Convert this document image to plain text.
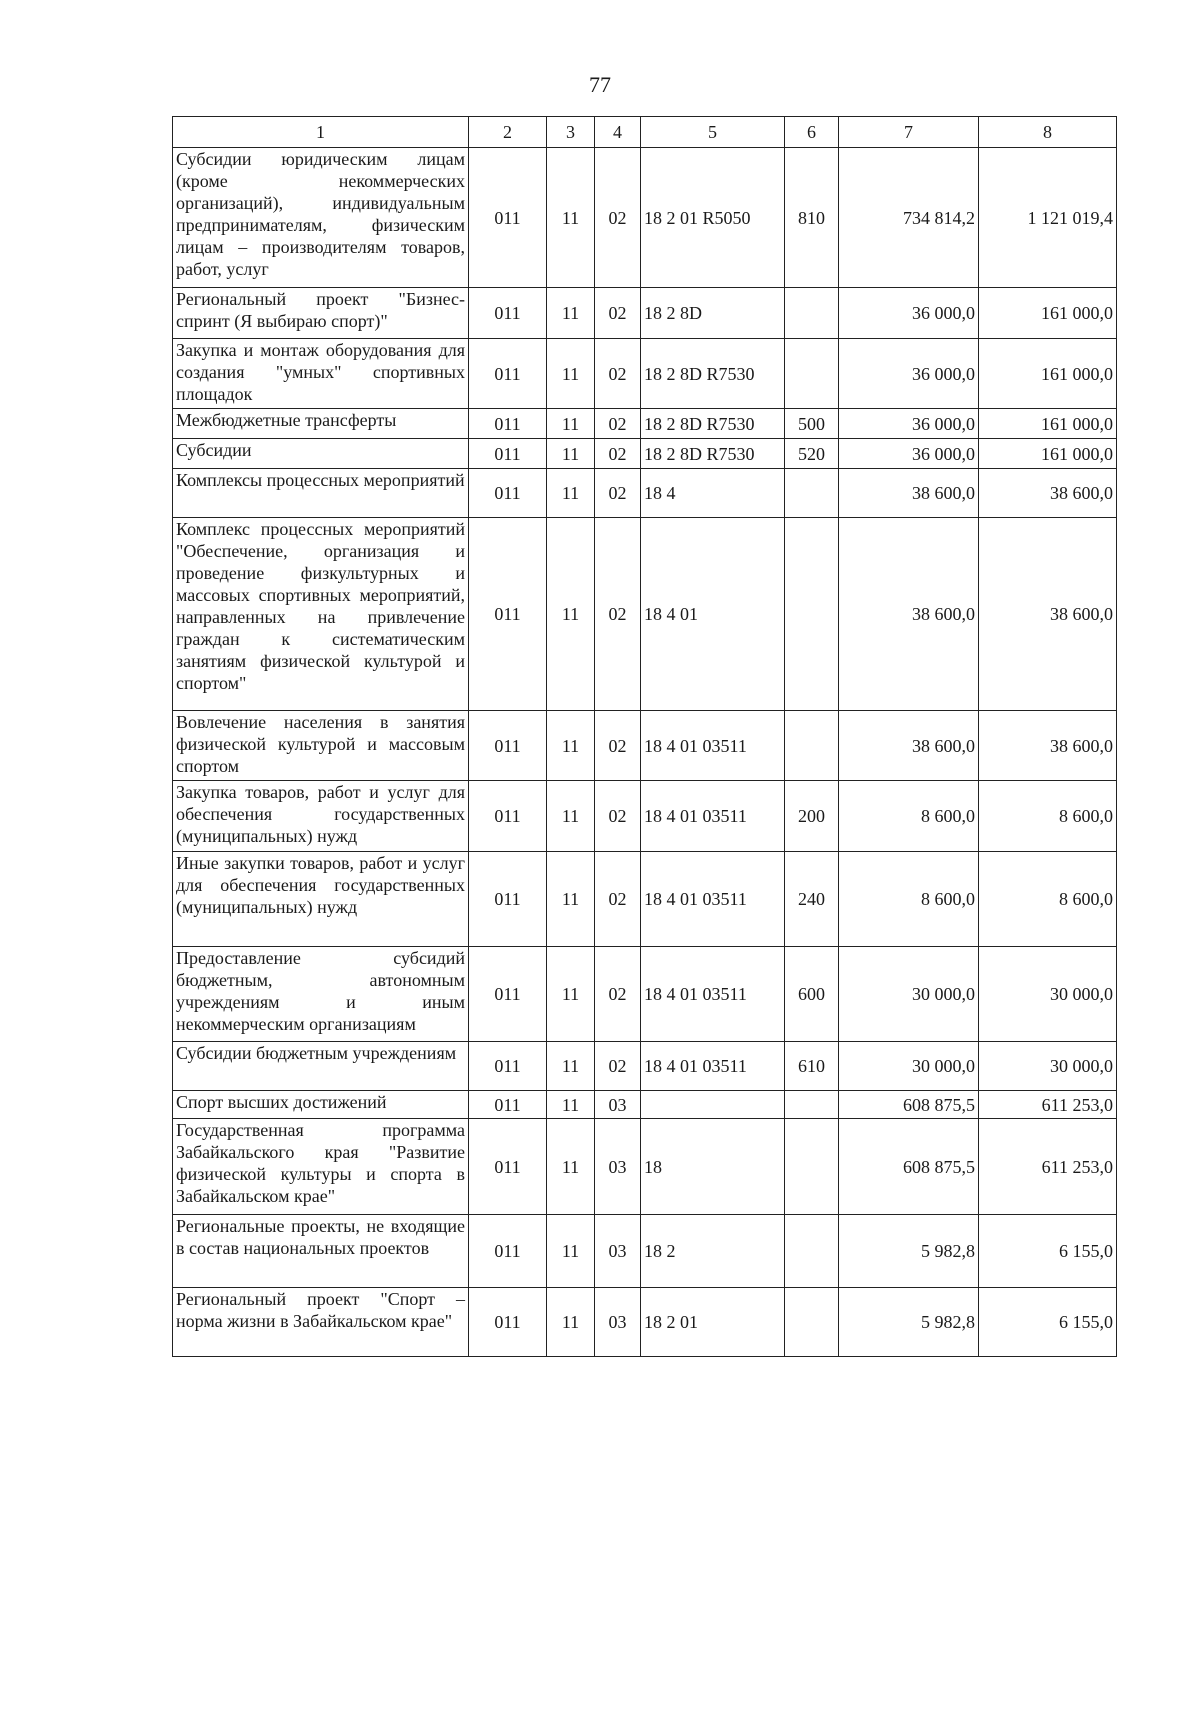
77
1	2	3	4	5	6	7	8
Субсидии юридическим лицам (кроме некоммерческих организаций), индивидуальным предпринимателям, физическим лицам – производителям товаров, работ, услуг	011	11	02	18 2 01 R5050	810	734 814,2	1 121 019,4
Региональный проект "Бизнес-спринт (Я выбираю спорт)"	011	11	02	18 2 8D		36 000,0	161 000,0
Закупка и монтаж оборудования для создания "умных" спортивных площадок	011	11	02	18 2 8D R7530		36 000,0	161 000,0
Межбюджетные трансферты	011	11	02	18 2 8D R7530	500	36 000,0	161 000,0
Субсидии	011	11	02	18 2 8D R7530	520	36 000,0	161 000,0
Комплексы процессных мероприятий	011	11	02	18 4		38 600,0	38 600,0
Комплекс процессных мероприятий "Обеспечение, организация и проведение физкультурных и массовых спортивных мероприятий, направленных на привлечение граждан к систематическим занятиям физической культурой и спортом"	011	11	02	18 4 01		38 600,0	38 600,0
Вовлечение населения в занятия физической культурой и массовым спортом	011	11	02	18 4 01 03511		38 600,0	38 600,0
Закупка товаров, работ и услуг для обеспечения государственных (муниципальных) нужд	011	11	02	18 4 01 03511	200	8 600,0	8 600,0
Иные закупки товаров, работ и услуг для обеспечения государственных (муниципальных) нужд	011	11	02	18 4 01 03511	240	8 600,0	8 600,0
Предоставление субсидий бюджетным, автономным учреждениям и иным некоммерческим организациям	011	11	02	18 4 01 03511	600	30 000,0	30 000,0
Субсидии бюджетным учреждениям	011	11	02	18 4 01 03511	610	30 000,0	30 000,0
Спорт высших достижений	011	11	03			608 875,5	611 253,0
Государственная программа Забайкальского края "Развитие физической культуры и спорта в Забайкальском крае"	011	11	03	18		608 875,5	611 253,0
Региональные проекты, не входящие в состав национальных проектов	011	11	03	18 2		5 982,8	6 155,0
Региональный проект "Спорт – норма жизни в Забайкальском крае"	011	11	03	18 2 01		5 982,8	6 155,0
